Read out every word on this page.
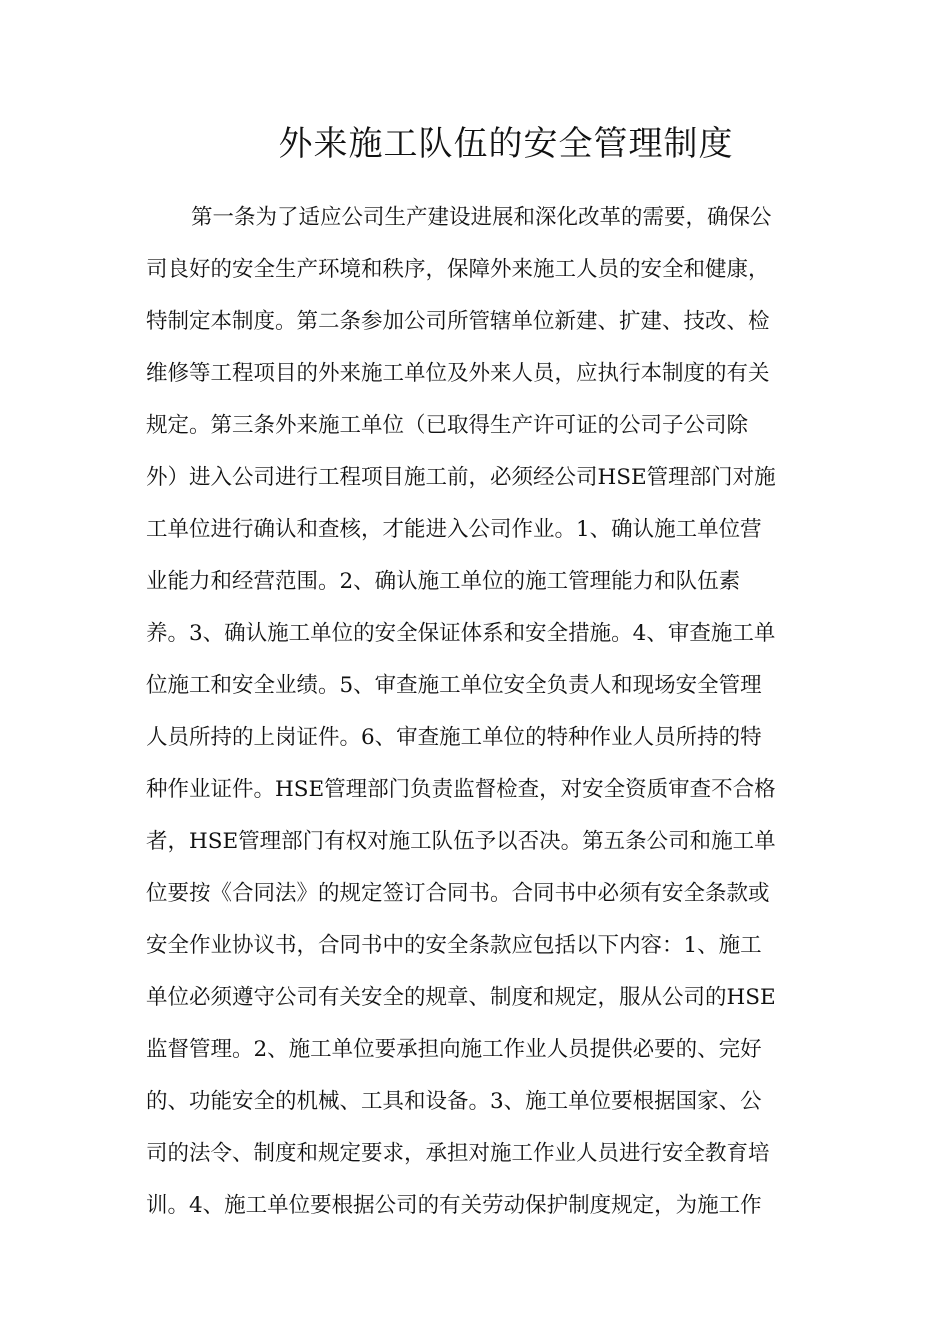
外来施工队伍的安全管理制度
第一条为了适应公司生产建设进展和深化改革的需要，确保公
司良好的安全生产环境和秩序，保障外来施工人员的安全和健康，
特制定本制度。第二条参加公司所管辖单位新建、扩建、技改、检
维修等工程项目的外来施工单位及外来人员，应执行本制度的有关
规定。第三条外来施工单位（已取得生产许可证的公司子公司除
外）进入公司进行工程项目施工前，必须经公司HSE管理部门对施
工单位进行确认和查核，才能进入公司作业。1、确认施工单位营
业能力和经营范围。2、确认施工单位的施工管理能力和队伍素
养。3、确认施工单位的安全保证体系和安全措施。4、审查施工单
位施工和安全业绩。5、审查施工单位安全负责人和现场安全管理
人员所持的上岗证件。6、审查施工单位的特种作业人员所持的特
种作业证件。HSE管理部门负责监督检查，对安全资质审查不合格
者，HSE管理部门有权对施工队伍予以否决。第五条公司和施工单
位要按《合同法》的规定签订合同书。合同书中必须有安全条款或
安全作业协议书，合同书中的安全条款应包括以下内容：1、施工
单位必须遵守公司有关安全的规章、制度和规定，服从公司的HSE
监督管理。2、施工单位要承担向施工作业人员提供必要的、完好
的、功能安全的机械、工具和设备。3、施工单位要根据国家、公
司的法令、制度和规定要求，承担对施工作业人员进行安全教育培
训。4、施工单位要根据公司的有关劳动保护制度规定，为施工作
